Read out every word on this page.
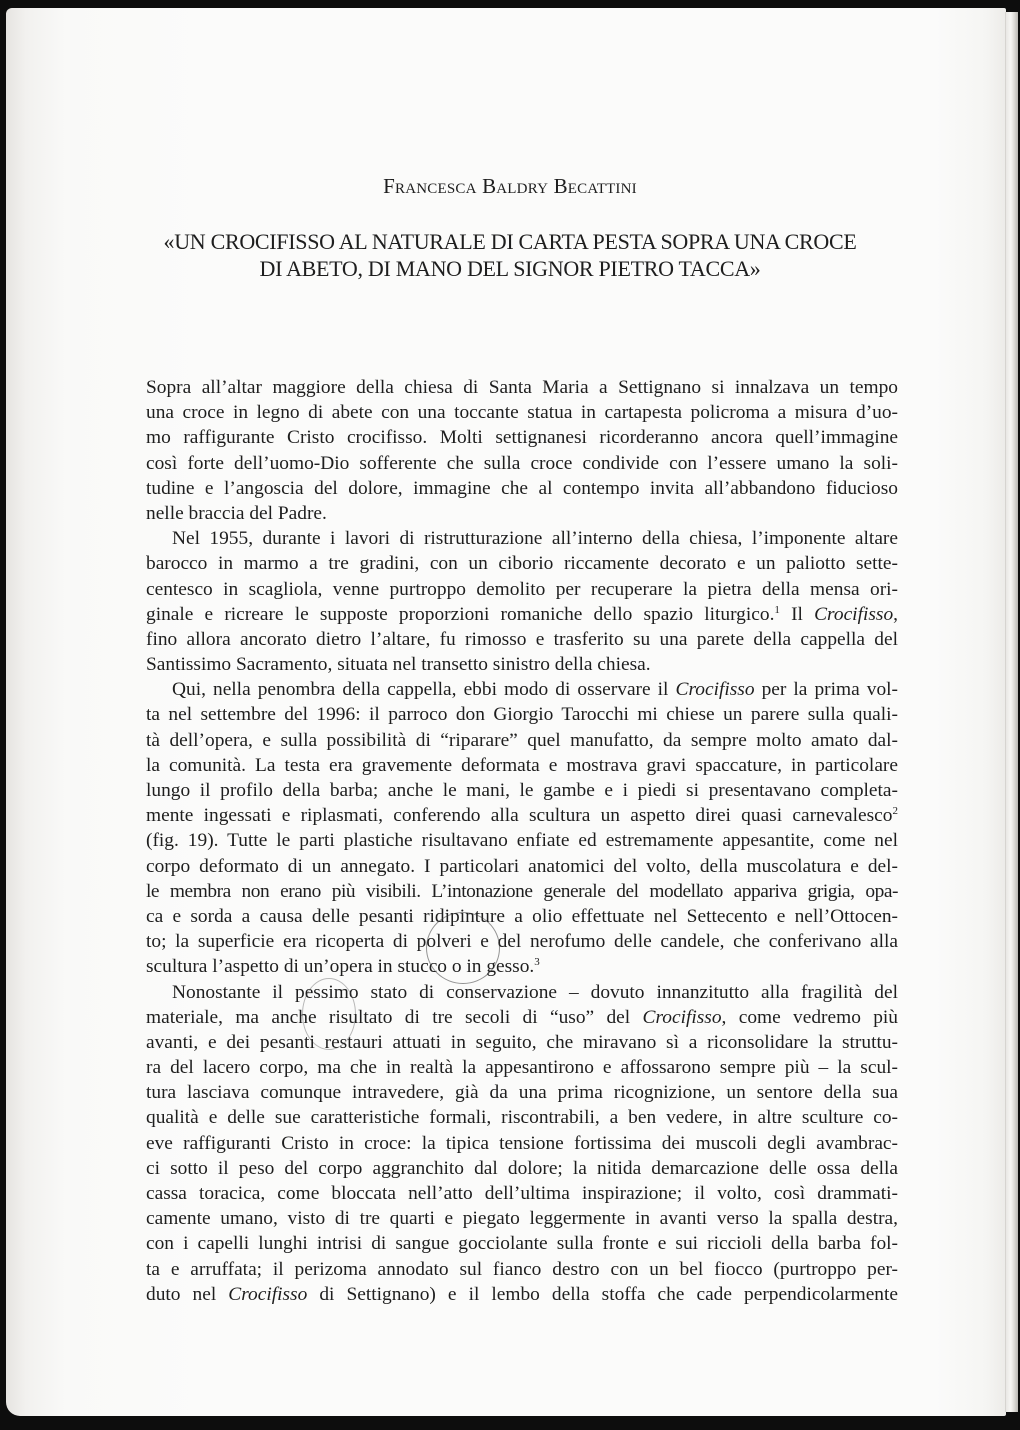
Francesca Baldry Becattini
«UN CROCIFISSO AL NATURALE DI CARTA PESTA SOPRA UNA CROCE
DI ABETO, DI MANO DEL SIGNOR PIETRO TACCA»
Sopra all’altar maggiore della chiesa di Santa Maria a Settignano si innalzava un tempo
una croce in legno di abete con una toccante statua in cartapesta policroma a misura d’uo-
mo raffigurante Cristo crocifisso. Molti settignanesi ricorderanno ancora quell’immagine
così forte dell’uomo-Dio sofferente che sulla croce condivide con l’essere umano la soli-
tudine e l’angoscia del dolore, immagine che al contempo invita all’abbandono fiducioso
nelle braccia del Padre.
Nel 1955, durante i lavori di ristrutturazione all’interno della chiesa, l’imponente altare
barocco in marmo a tre gradini, con un ciborio riccamente decorato e un paliotto sette-
centesco in scagliola, venne purtroppo demolito per recuperare la pietra della mensa ori-
ginale e ricreare le supposte proporzioni romaniche dello spazio liturgico.$^1$ Il Crocifisso,
fino allora ancorato dietro l’altare, fu rimosso e trasferito su una parete della cappella del
Santissimo Sacramento, situata nel transetto sinistro della chiesa.
Qui, nella penombra della cappella, ebbi modo di osservare il Crocifisso per la prima vol-
ta nel settembre del 1996: il parroco don Giorgio Tarocchi mi chiese un parere sulla quali-
tà dell’opera, e sulla possibilità di “riparare” quel manufatto, da sempre molto amato dal-
la comunità. La testa era gravemente deformata e mostrava gravi spaccature, in particolare
lungo il profilo della barba; anche le mani, le gambe e i piedi si presentavano completa-
mente ingessati e riplasmati, conferendo alla scultura un aspetto direi quasi carnevalesco$^2$
(fig. 19). Tutte le parti plastiche risultavano enfiate ed estremamente appesantite, come nel
corpo deformato di un annegato. I particolari anatomici del volto, della muscolatura e del-
le membra non erano più visibili. L’intonazione generale del modellato appariva grigia, opa-
ca e sorda a causa delle pesanti ridipinture a olio effettuate nel Settecento e nell’Ottocen-
to; la superficie era ricoperta di polveri e del nerofumo delle candele, che conferivano alla
scultura l’aspetto di un’opera in stucco o in gesso.$^3$
Nonostante il pessimo stato di conservazione – dovuto innanzitutto alla fragilità del
materiale, ma anche risultato di tre secoli di “uso” del Crocifisso, come vedremo più
avanti, e dei pesanti restauri attuati in seguito, che miravano sì a riconsolidare la struttu-
ra del lacero corpo, ma che in realtà la appesantirono e affossarono sempre più – la scul-
tura lasciava comunque intravedere, già da una prima ricognizione, un sentore della sua
qualità e delle sue caratteristiche formali, riscontrabili, a ben vedere, in altre sculture co-
eve raffiguranti Cristo in croce: la tipica tensione fortissima dei muscoli degli avambrac-
ci sotto il peso del corpo aggranchito dal dolore; la nitida demarcazione delle ossa della
cassa toracica, come bloccata nell’atto dell’ultima inspirazione; il volto, così drammati-
camente umano, visto di tre quarti e piegato leggermente in avanti verso la spalla destra,
con i capelli lunghi intrisi di sangue gocciolante sulla fronte e sui riccioli della barba fol-
ta e arruffata; il perizoma annodato sul fianco destro con un bel fiocco (purtroppo per-
duto nel Crocifisso di Settignano) e il lembo della stoffa che cade perpendicolarmente
